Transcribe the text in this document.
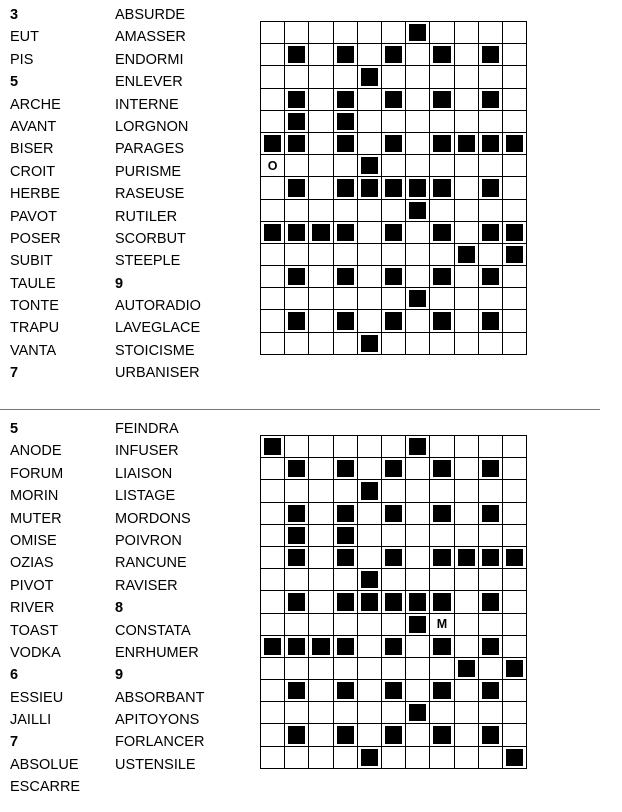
3
EUT
PIS
5
ARCHE
AVANT
BISER
CROIT
HERBE
PAVOT
POSER
SUBIT
TAULE
TONTE
TRAPU
VANTA
7
ABSURDE
AMASSER
ENDORMI
ENLEVER
INTERNE
LORGNON
PARAGES
PURISME
RASEUSE
RUTILER
SCORBUT
STEEPLE
9
AUTORADIO
LAVEGLACE
STOICISME
URBANISER

O										

5
ANODE
FORUM
MORIN
MUTER
OMISE
OZIAS
PIVOT
RIVER
TOAST
VODKA
6
ESSIEU
JAILLI
7
ABSOLUE
ESCARRE
FEINDRA
INFUSER
LIAISON
LISTAGE
MORDONS
POIVRON
RANCUNE
RAVISER
8
CONSTATA
ENRHUMER
9
ABSORBANT
APITOYONS
FORLANCER
USTENSILE

							M			
